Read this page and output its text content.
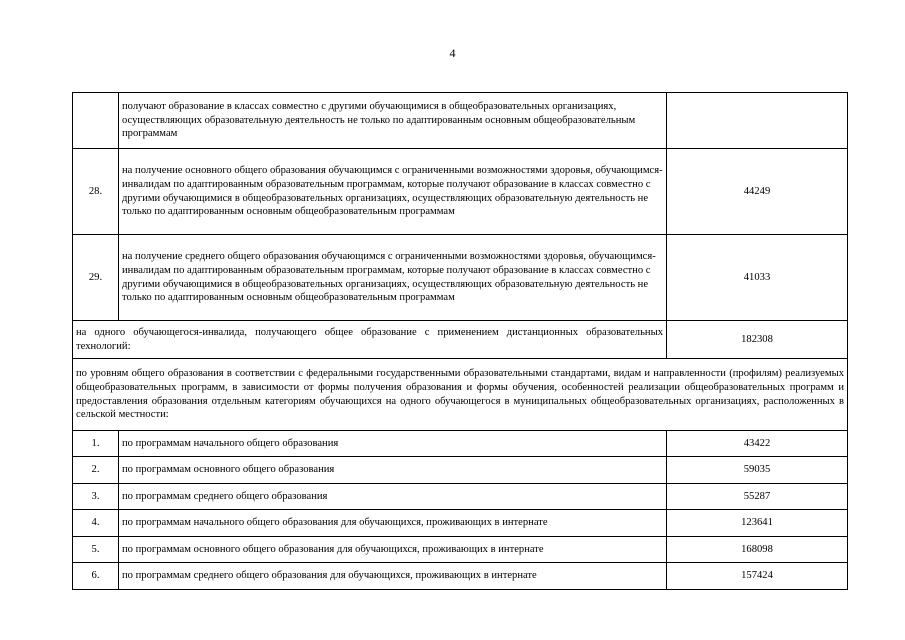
4
	получают образование в классах совместно с другими обучающимися в общеобразовательных организациях, осуществляющих образовательную деятельность не только по адаптированным основным общеобразовательным программам	
28.	на получение основного общего образования обучающимся с ограниченными возможностями здоровья, обучающимся-инвалидам по адаптированным образовательным программам, которые получают образование в классах совместно с другими обучающимися в общеобразовательных организациях, осуществляющих образовательную деятельность не только по адаптированным основным общеобразовательным программам	44249
29.	на получение среднего общего образования обучающимся с ограниченными возможностями здоровья, обучающимся-инвалидам по адаптированным образовательным программам, которые получают образование в классах совместно с другими обучающимися в общеобразовательных организациях, осуществляющих образовательную деятельность не только по адаптированным основным общеобразовательным программам	41033
на одного обучающегося-инвалида, получающего общее образование с применением дистанционных образовательных технологий:		182308
по уровням общего образования в соответствии с федеральными государственными образовательными стандартами, видам и направленности (профилям) реализуемых общеобразовательных программ, в зависимости от формы получения образования и формы обучения, особенностей реализации общеобразовательных программ и предоставления образования отдельным категориям обучающихся на одного обучающегося в муниципальных общеобразовательных организациях, расположенных в сельской местности:		
1.	по программам начального общего образования	43422
2.	по программам основного общего образования	59035
3.	по программам среднего общего образования	55287
4.	по программам начального общего образования для обучающихся, проживающих в интернате	123641
5.	по программам основного общего образования для обучающихся, проживающих в интернате	168098
6.	по программам среднего общего образования для обучающихся, проживающих в интернате	157424
